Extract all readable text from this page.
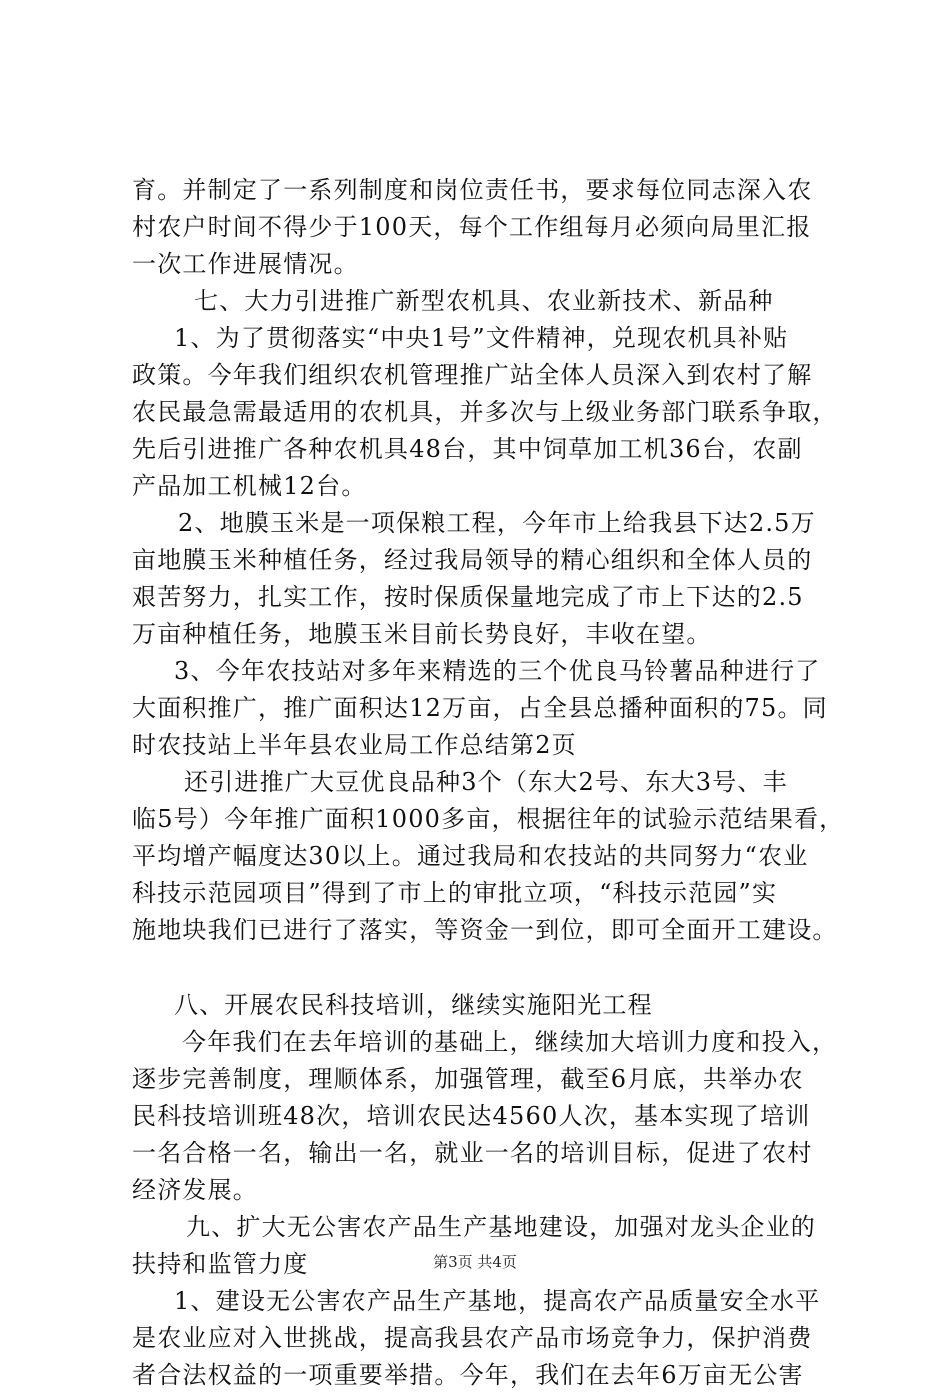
育。并制定了一系列制度和岗位责任书，要求每位同志深入农
村农户时间不得少于100天，每个工作组每月必须向局里汇报
一次工作进展情况。
七、大力引进推广新型农机具、农业新技术、新品种
1、为了贯彻落实“中央1号”文件精神，兑现农机具补贴
政策。今年我们组织农机管理推广站全体人员深入到农村了解
农民最急需最适用的农机具，并多次与上级业务部门联系争取，
先后引进推广各种农机具48台，其中饲草加工机36台，农副
产品加工机械12台。
2、地膜玉米是一项保粮工程，今年市上给我县下达2.5万
亩地膜玉米种植任务，经过我局领导的精心组织和全体人员的
艰苦努力，扎实工作，按时保质保量地完成了市上下达的2.5
万亩种植任务，地膜玉米目前长势良好，丰收在望。
3、今年农技站对多年来精选的三个优良马铃薯品种进行了
大面积推广，推广面积达12万亩，占全县总播种面积的75。同
时农技站上半年县农业局工作总结第2页
还引进推广大豆优良品种3个（东大2号、东大3号、丰
临5号）今年推广面积1000多亩，根据往年的试验示范结果看，
平均增产幅度达30以上。通过我局和农技站的共同努力“农业
科技示范园项目”得到了市上的审批立项，“科技示范园”实
施地块我们已进行了落实，等资金一到位，即可全面开工建设。
八、开展农民科技培训，继续实施阳光工程
今年我们在去年培训的基础上，继续加大培训力度和投入，
逐步完善制度，理顺体系，加强管理，截至6月底，共举办农
民科技培训班48次，培训农民达4560人次，基本实现了培训
一名合格一名，输出一名，就业一名的培训目标，促进了农村
经济发展。
九、扩大无公害农产品生产基地建设，加强对龙头企业的
扶持和监管力度
1、建设无公害农产品生产基地，提高农产品质量安全水平
是农业应对入世挑战，提高我县农产品市场竞争力，保护消费
者合法权益的一项重要举措。今年，我们在去年6万亩无公害
第3页 共4页
